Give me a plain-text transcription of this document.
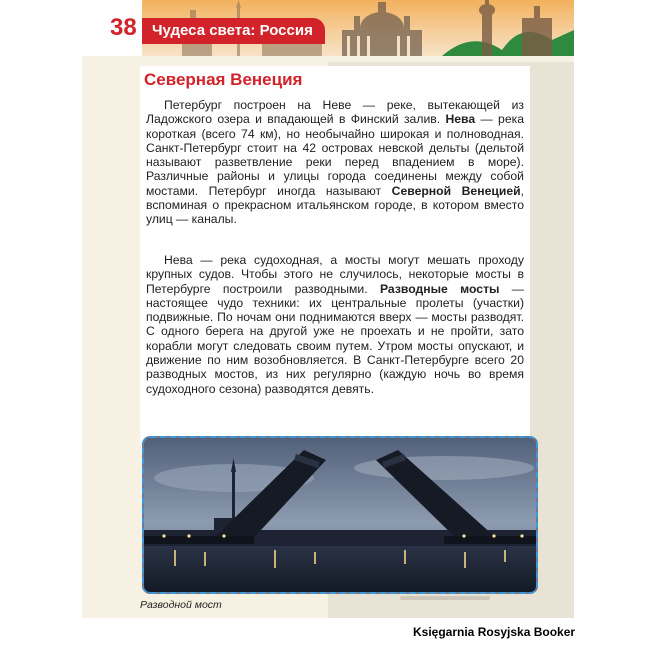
Чудеса света: Россия
38
Северная Венеция

Петербург построен на Неве — реке, вытекающей из Ладожского озера и впадающей в Финский залив. Нева — река короткая (всего 74 км), но необычайно широкая и полноводная. Санкт-Петербург стоит на 42 островах невской дельты (дельтой называют разветвление реки перед впадением в море). Различные районы и улицы города соединены между собой мостами. Петербург иногда называют Северной Венецией, вспоминая о прекрасном итальянском городе, в котором вместо улиц — каналы.

Нева — река судоходная, а мосты могут мешать проходу крупных судов. Чтобы этого не случилось, некоторые мосты в Петербурге построили разводными. Разводные мосты — настоящее чудо техники: их центральные пролеты (участки) подвижные. По ночам они поднимаются вверх — мосты разводят. С одного берега на другой уже не проехать и не пройти, зато корабли могут следовать своим путем. Утром мосты опускают, и движение по ним возобновляется. В Санкт-Петербурге всего 20 разводных мостов, из них регулярно (каждую ночь во время судоходного сезона) разводятся девять.

Разводной мост
Księgarnia Rosyjska Booker
